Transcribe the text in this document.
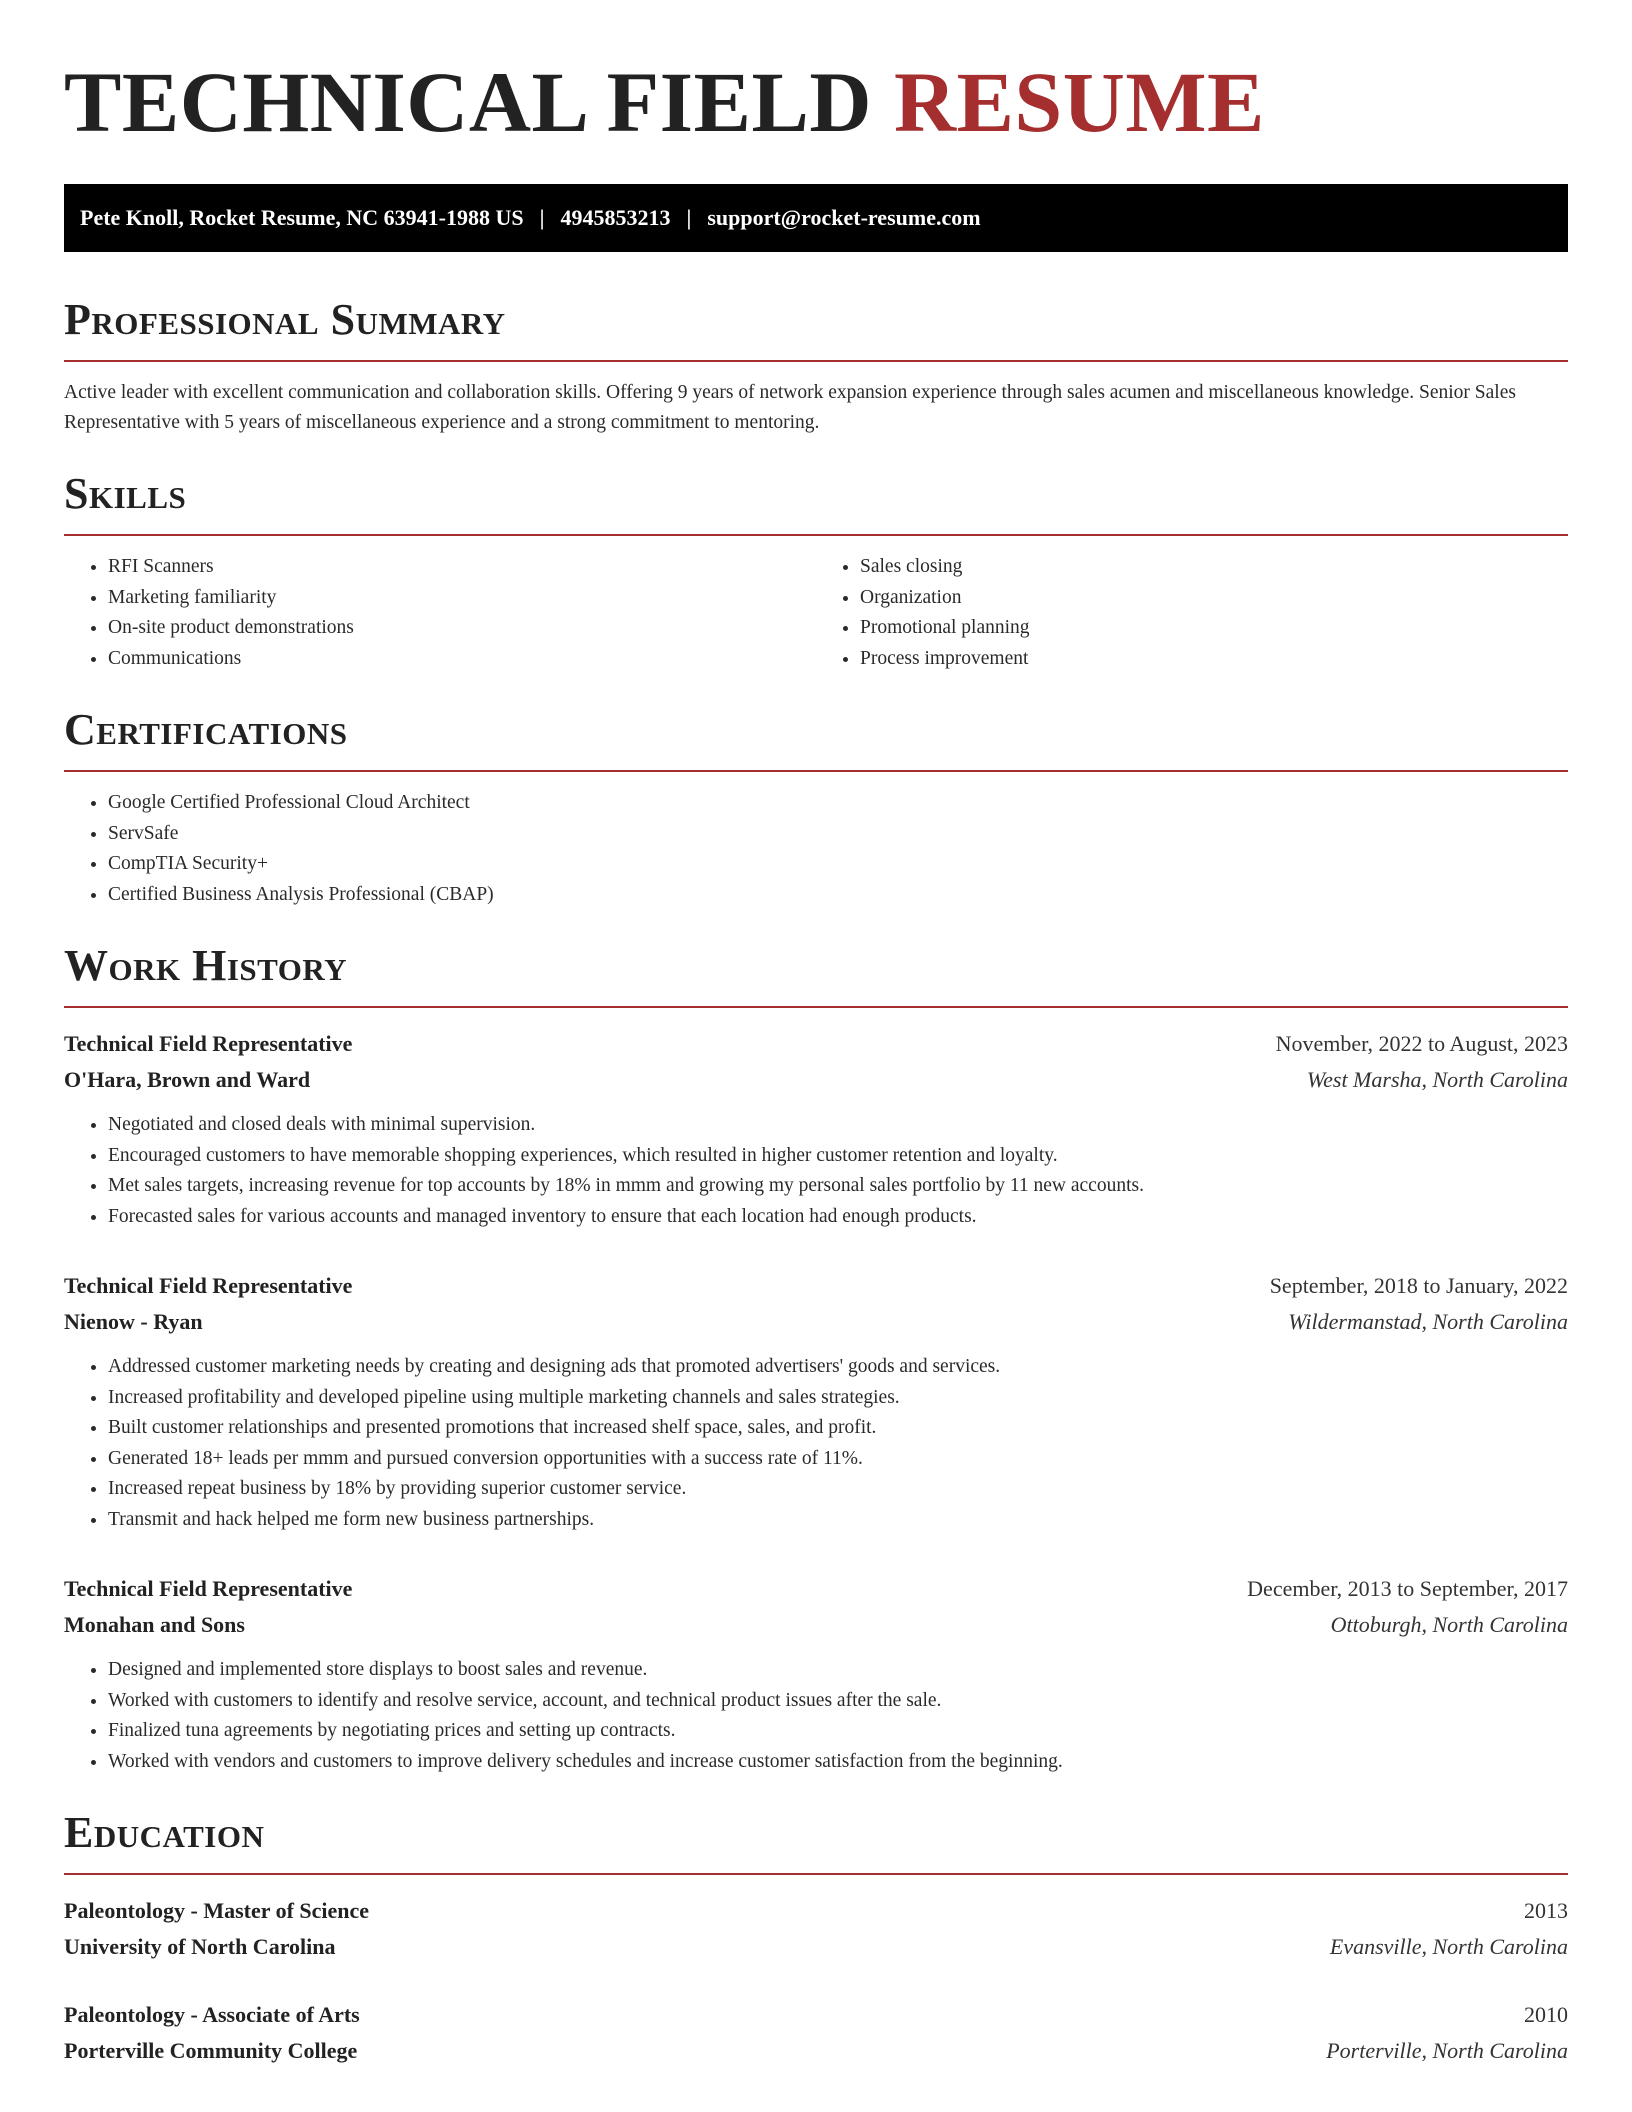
TECHNICAL FIELD RESUME
Pete Knoll, Rocket Resume, NC 63941-1988 US | 4945853213 | support@rocket-resume.com
Professional Summary

Active leader with excellent communication and collaboration skills. Offering 9 years of network expansion experience through sales acumen and miscellaneous knowledge. Senior Sales Representative with 5 years of miscellaneous experience and a strong commitment to mentoring.

Skills
• RFI Scanners
• Marketing familiarity
• On-site product demonstrations
• Communications
• Sales closing
• Organization
• Promotional planning
• Process improvement
Certifications
• Google Certified Professional Cloud Architect
• ServSafe
• CompTIA Security+
• Certified Business Analysis Professional (CBAP)
Work History
Technical Field Representative	November, 2022 to August, 2023
O'Hara, Brown and Ward	West Marsha, North Carolina
• Negotiated and closed deals with minimal supervision.
• Encouraged customers to have memorable shopping experiences, which resulted in higher customer retention and loyalty.
• Met sales targets, increasing revenue for top accounts by 18% in mmm and growing my personal sales portfolio by 11 new accounts.
• Forecasted sales for various accounts and managed inventory to ensure that each location had enough products.
Technical Field Representative	September, 2018 to January, 2022
Nienow - Ryan	Wildermanstad, North Carolina
• Addressed customer marketing needs by creating and designing ads that promoted advertisers' goods and services.
• Increased profitability and developed pipeline using multiple marketing channels and sales strategies.
• Built customer relationships and presented promotions that increased shelf space, sales, and profit.
• Generated 18+ leads per mmm and pursued conversion opportunities with a success rate of 11%.
• Increased repeat business by 18% by providing superior customer service.
• Transmit and hack helped me form new business partnerships.
Technical Field Representative	December, 2013 to September, 2017
Monahan and Sons	Ottoburgh, North Carolina
• Designed and implemented store displays to boost sales and revenue.
• Worked with customers to identify and resolve service, account, and technical product issues after the sale.
• Finalized tuna agreements by negotiating prices and setting up contracts.
• Worked with vendors and customers to improve delivery schedules and increase customer satisfaction from the beginning.
Education
Paleontology - Master of Science	2013
University of North Carolina	Evansville, North Carolina
Paleontology - Associate of Arts	2010
Porterville Community College	Porterville, North Carolina
